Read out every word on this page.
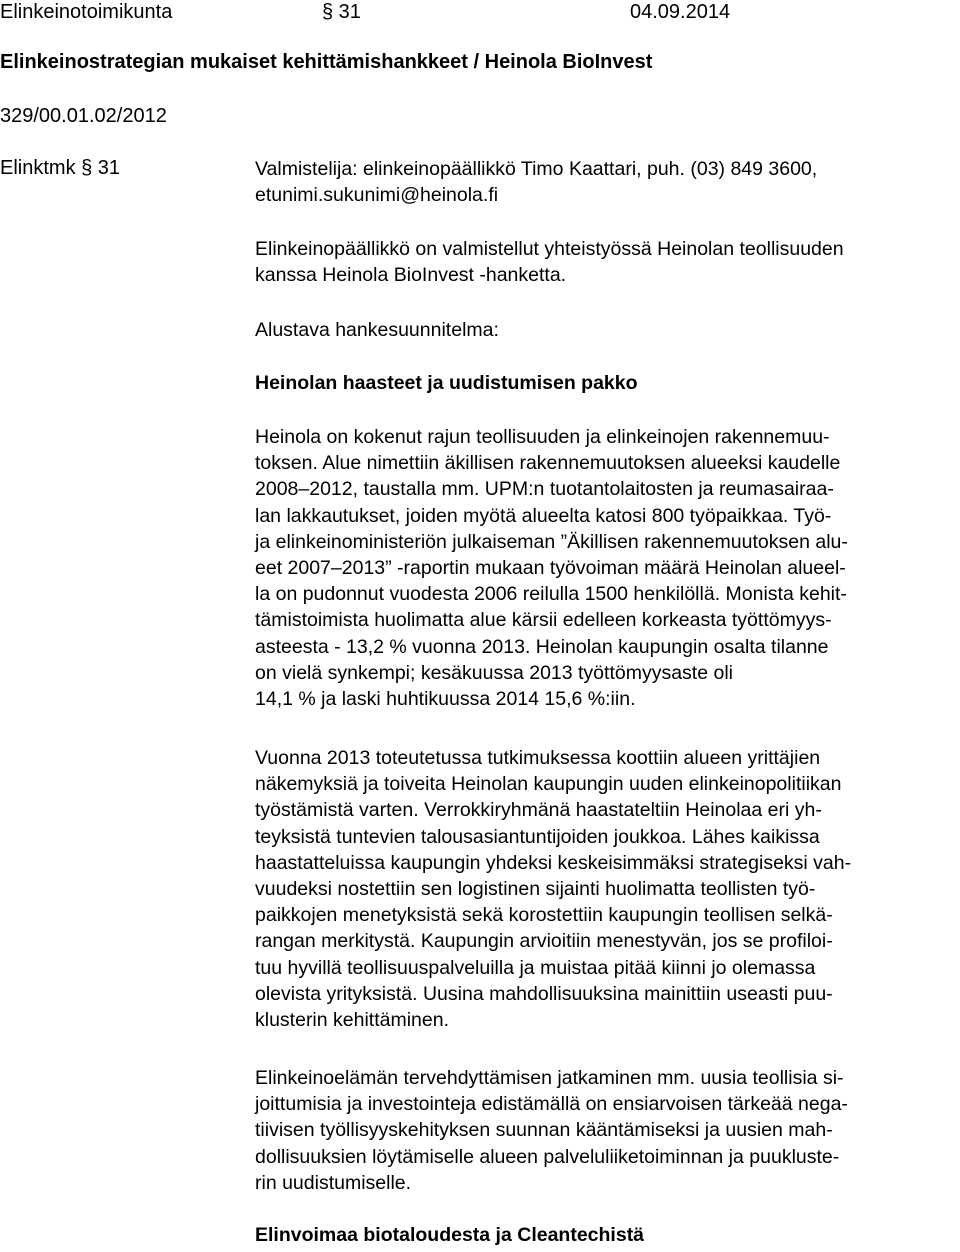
Elinkeinotoimikunta	§ 31	04.09.2014
Elinkeinostrategian mukaiset kehittämishankkeet / Heinola BioInvest
329/00.01.02/2012
Elinktmk § 31	Valmistelija: elinkeinopäällikkö Timo Kaattari, puh. (03) 849 3600,
etunimi.sukunimi@heinola.fi
Elinkeinopäällikkö on valmistellut yhteistyössä Heinolan teollisuuden
kanssa Heinola BioInvest -hanketta.
Alustava hankesuunnitelma:
Heinolan haasteet ja uudistumisen pakko
Heinola on kokenut rajun teollisuuden ja elinkeinojen rakennemuu-
toksen. Alue nimettiin äkillisen rakennemuutoksen alueeksi kaudelle
2008–2012, taustalla mm. UPM:n tuotantolaitosten ja reumasairaa-
lan lakkautukset, joiden myötä alueelta katosi 800 työpaikkaa. Työ-
ja elinkeinoministeriön julkaiseman ”Äkillisen rakennemuutoksen alu-
eet 2007–2013” -raportin mukaan työvoiman määrä Heinolan alueel-
la on pudonnut vuodesta 2006 reilulla 1500 henkilöllä. Monista kehit-
tämistoimista huolimatta alue kärsii edelleen korkeasta työttömyys-
asteesta - 13,2 % vuonna 2013. Heinolan kaupungin osalta tilanne
on vielä synkempi; kesäkuussa 2013 työttömyysaste oli
14,1 % ja laski huhtikuussa 2014 15,6 %:iin.
Vuonna 2013 toteutetussa tutkimuksessa koottiin alueen yrittäjien
näkemyksiä ja toiveita Heinolan kaupungin uuden elinkeinopolitiikan
työstämistä varten. Verrokkiryhmänä haastateltiin Heinolaa eri yh-
teyksistä tuntevien talousasiantuntijoiden joukkoa. Lähes kaikissa
haastatteluissa kaupungin yhdeksi keskeisimmäksi strategiseksi vah-
vuudeksi nostettiin sen logistinen sijainti huolimatta teollisten työ-
paikkojen menetyksistä sekä korostettiin kaupungin teollisen selkä-
rangan merkitystä. Kaupungin arvioitiin menestyvän, jos se profiloi-
tuu hyvillä teollisuuspalveluilla ja muistaa pitää kiinni jo olemassa
olevista yrityksistä. Uusina mahdollisuuksina mainittiin useasti puu-
klusterin kehittäminen.
Elinkeinoelämän tervehdyttämisen jatkaminen mm. uusia teollisia si-
joittumisia ja investointeja edistämällä on ensiarvoisen tärkeää nega-
tiivisen työllisyyskehityksen suunnan kääntämiseksi ja uusien mah-
dollisuuksien löytämiselle alueen palveluliiketoiminnan ja puukluste-
rin uudistumiselle.
Elinvoimaa biotaloudesta ja Cleantechistä
